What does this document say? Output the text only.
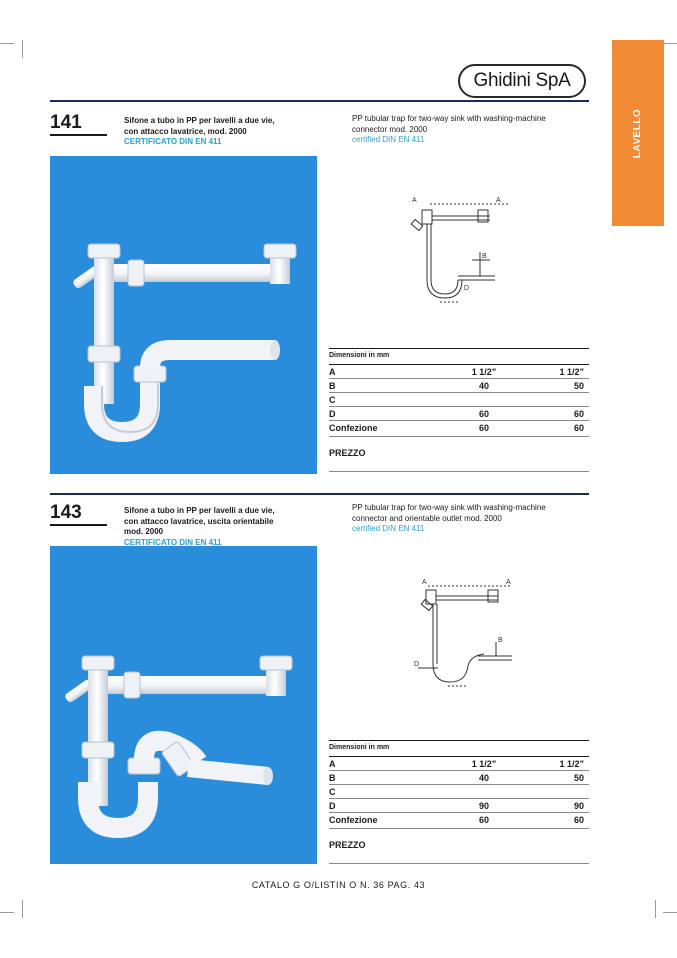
Ghidini SpA
LAVELLO
141	Sifone a tubo in PP per lavelli a due vie,
con attacco lavatrice, mod. 2000
CERTIFICATO DIN EN 411
PP tubular trap for two-way sink with washing-machine
connector mod. 2000
certified DIN EN 411
A	A
B
D
Dimensioni in mm
A	1 1/2”	1 1/2”
B	40	50
C
D	60	60
Confezione	60	60
PREZZO
143	Sifone a tubo in PP per lavelli a due vie,
con attacco lavatrice, uscita orientabile
mod. 2000
CERTIFICATO DIN EN 411
PP tubular trap for two-way sink with washing-machine
connector and orientable outlet mod. 2000
certified DIN EN 411
A	A
B
D
Dimensioni in mm
A	1 1/2”	1 1/2”
B	40	50
C
D	90	90
Confezione	60	60
PREZZO
CATALO G O/LISTIN O N. 36 PAG. 43
